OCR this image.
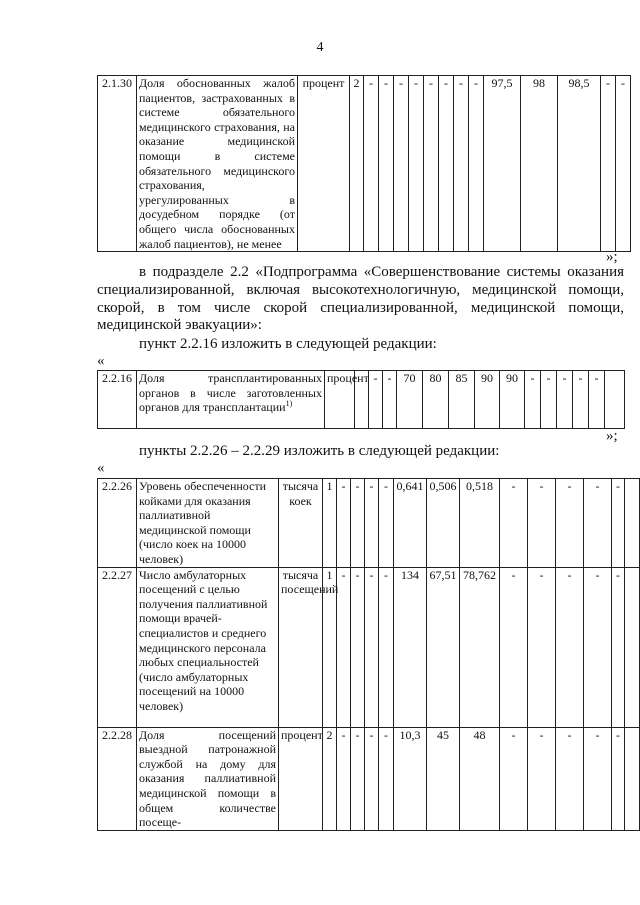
4
2.1.30	Доля обоснованных жалоб пациентов, застрахованных в системе обязательного медицинского страхования, на оказание медицинской помощи в системе обязательного медицинского страхования, урегулированных в досудебном порядке (от общего числа обоснованных жалоб пациентов), не менее	процент	2	-	-	-	-	-	-	-	-	97,5	98	98,5	-	-
»;
в подразделе 2.2 «Подпрограмма «Совершенствование системы оказания специализированной, включая высокотехнологичную, медицинской помощи, скорой, в том числе скорой специализированной, медицинской помощи, медицинской эвакуации»:
пункт 2.2.16 изложить в следующей редакции:
«
2.2.16	Доля трансплантированных органов в числе заготовленных органов для трансплантации$^{1)}$	процент		-	-	70	80	85	90	90	-	-	-	-	-	
»;
пункты 2.2.26 – 2.2.29 изложить в следующей редакции:
«
2.2.26	Уровень обеспеченности койками для оказания паллиативной медицинской помощи (число коек на 10000 человек)	тысяча коек	1	-	-	-	-	0,641	0,506	0,518	-	-	-	-	-	
2.2.27	Число амбулаторных посещений с целью получения паллиативной помощи врачей-специалистов и среднего медицинского персонала любых специальностей (число амбулаторных посещений на 10000 человек)	тысяча посещений	1	-	-	-	-	134	67,51	78,762	-	-	-	-	-	
2.2.28	Доля посещений выездной патронажной службой на дому для оказания паллиативной медицинской помощи в общем количестве посеще-	процент	2	-	-	-	-	10,3	45	48	-	-	-	-	-	
